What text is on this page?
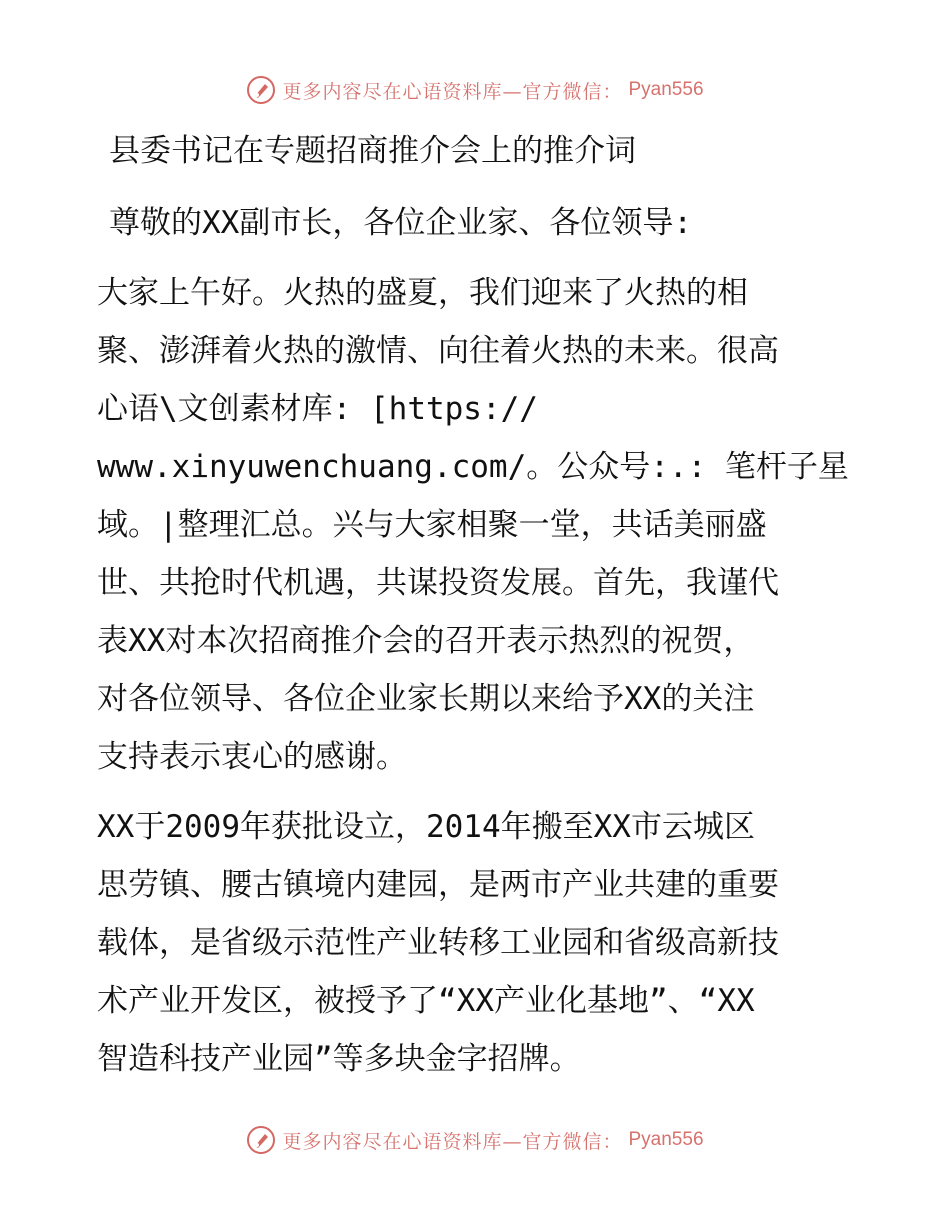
更多内容尽在心语资料库—官方微信： Pyan556
县委书记在专题招商推介会上的推介词
尊敬的XX副市长，各位企业家、各位领导:
大家上午好。火热的盛夏，我们迎来了火热的相
聚、澎湃着火热的激情、向往着火热的未来。很高
心语\文创素材库: [https://
www.xinyuwenchuang.com/。公众号:.: 笔杆子星
域。|整理汇总。兴与大家相聚一堂，共话美丽盛
世、共抢时代机遇，共谋投资发展。首先，我谨代
表XX对本次招商推介会的召开表示热烈的祝贺，
对各位领导、各位企业家长期以来给予XX的关注
支持表示衷心的感谢。
XX于2009年获批设立，2014年搬至XX市云城区
思劳镇、腰古镇境内建园，是两市产业共建的重要
载体，是省级示范性产业转移工业园和省级高新技
术产业开发区，被授予了“XX产业化基地”、“XX
智造科技产业园”等多块金字招牌。
更多内容尽在心语资料库—官方微信： Pyan556
